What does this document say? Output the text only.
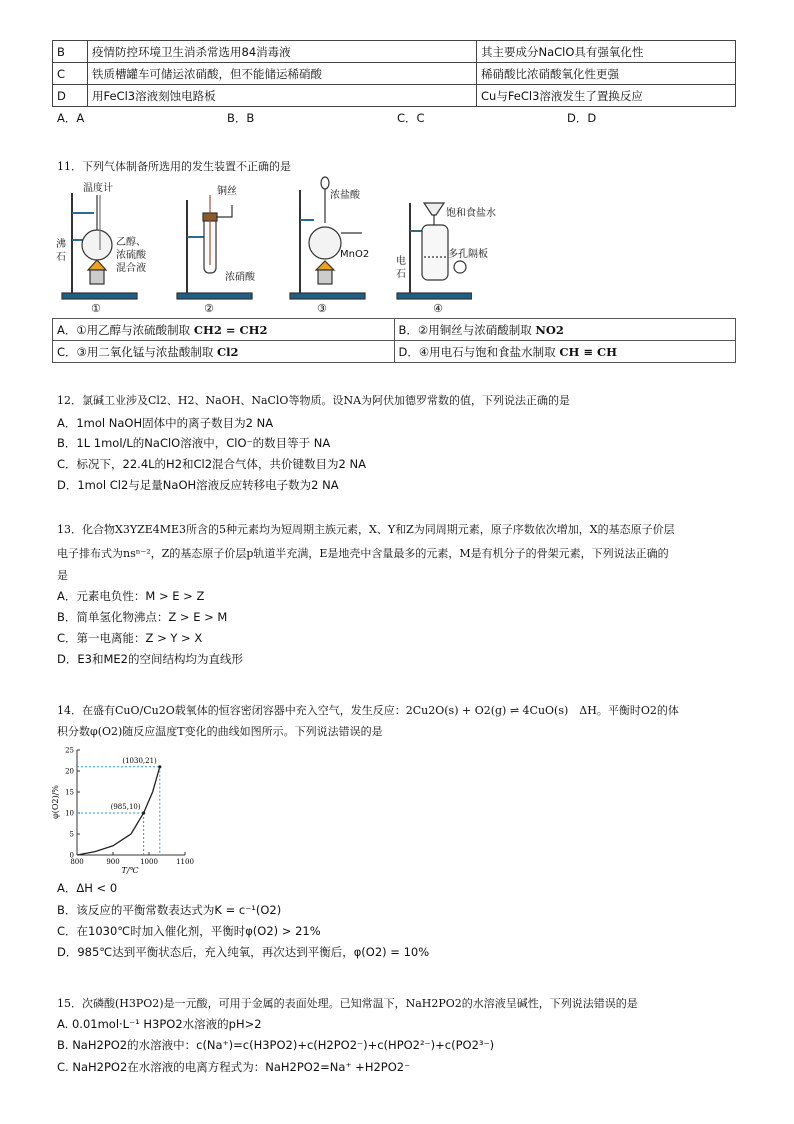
B	疫情防控环境卫生消杀常选用84消毒液	其主要成分NaClO具有强氧化性
C	铁质槽罐车可储运浓硝酸，但不能储运稀硝酸	稀硝酸比浓硝酸氧化性更强
D	用FeCl3溶液刻蚀电路板	Cu与FeCl3溶液发生了置换反应
A．A	B．B	C．C	D．D
11．下列气体制备所选用的发生装置不正确的是
温度计	铜丝	浓盐酸
饱和食盐水
沸
石
乙醇、
浓硫酸
混合液
浓硝酸
MnO2
电
石
多孔隔板
①	②	③	④
A．①用乙醇与浓硫酸制取 CH2 = CH2	B．②用铜丝与浓硝酸制取 NO2
C．③用二氧化锰与浓盐酸制取 Cl2	D．④用电石与饱和食盐水制取 CH ≡ CH
12．氯碱工业涉及Cl2、H2、NaOH、NaClO等物质。设NA为阿伏加德罗常数的值，下列说法正确的是
A．1mol NaOH固体中的离子数目为2 NA
B．1L 1mol/L的NaClO溶液中，ClO⁻的数目等于 NA
C．标况下，22.4L的H2和Cl2混合气体，共价键数目为2 NA
D．1mol Cl2与足量NaOH溶液反应转移电子数为2 NA
13．化合物X3YZE4ME3所含的5种元素均为短周期主族元素，X、Y和Z为同周期元素，原子序数依次增加，X的基态原子价层
电子排布式为nsⁿ⁻²，Z的基态原子价层p轨道半充满，E是地壳中含量最多的元素，M是有机分子的骨架元素，下列说法正确的
是
A．元素电负性：M > E > Z
B．简单氢化物沸点：Z > E > M
C．第一电离能：Z > Y > X
D．E3和ME2的空间结构均为直线形
14．在盛有CuO/Cu2O载氧体的恒容密闭容器中充入空气，发生反应：2Cu2O(s) + O2(g) ⇌ 4CuO(s)　ΔH。平衡时O2的体
积分数φ(O2)随反应温度T变化的曲线如图所示。下列说法错误的是
800	900	1000	1100
0
5
10
15
20
25
(985,10)
(1030,21)
T/℃
φ(O2)/%
A．ΔH < 0
B．该反应的平衡常数表达式为K = c⁻¹(O2)
C．在1030℃时加入催化剂，平衡时φ(O2) > 21%
D．985℃达到平衡状态后，充入纯氧，再次达到平衡后，φ(O2) = 10%
15．次磷酸(H3PO2)是一元酸，可用于金属的表面处理。已知常温下，NaH2PO2的水溶液呈碱性，下列说法错误的是
A. 0.01mol·L⁻¹ H3PO2水溶液的pH>2
B. NaH2PO2的水溶液中：c(Na⁺)=c(H3PO2)+c(H2PO2⁻)+c(HPO2²⁻)+c(PO2³⁻)
C. NaH2PO2在水溶液的电离方程式为：NaH2PO2=Na⁺ +H2PO2⁻
